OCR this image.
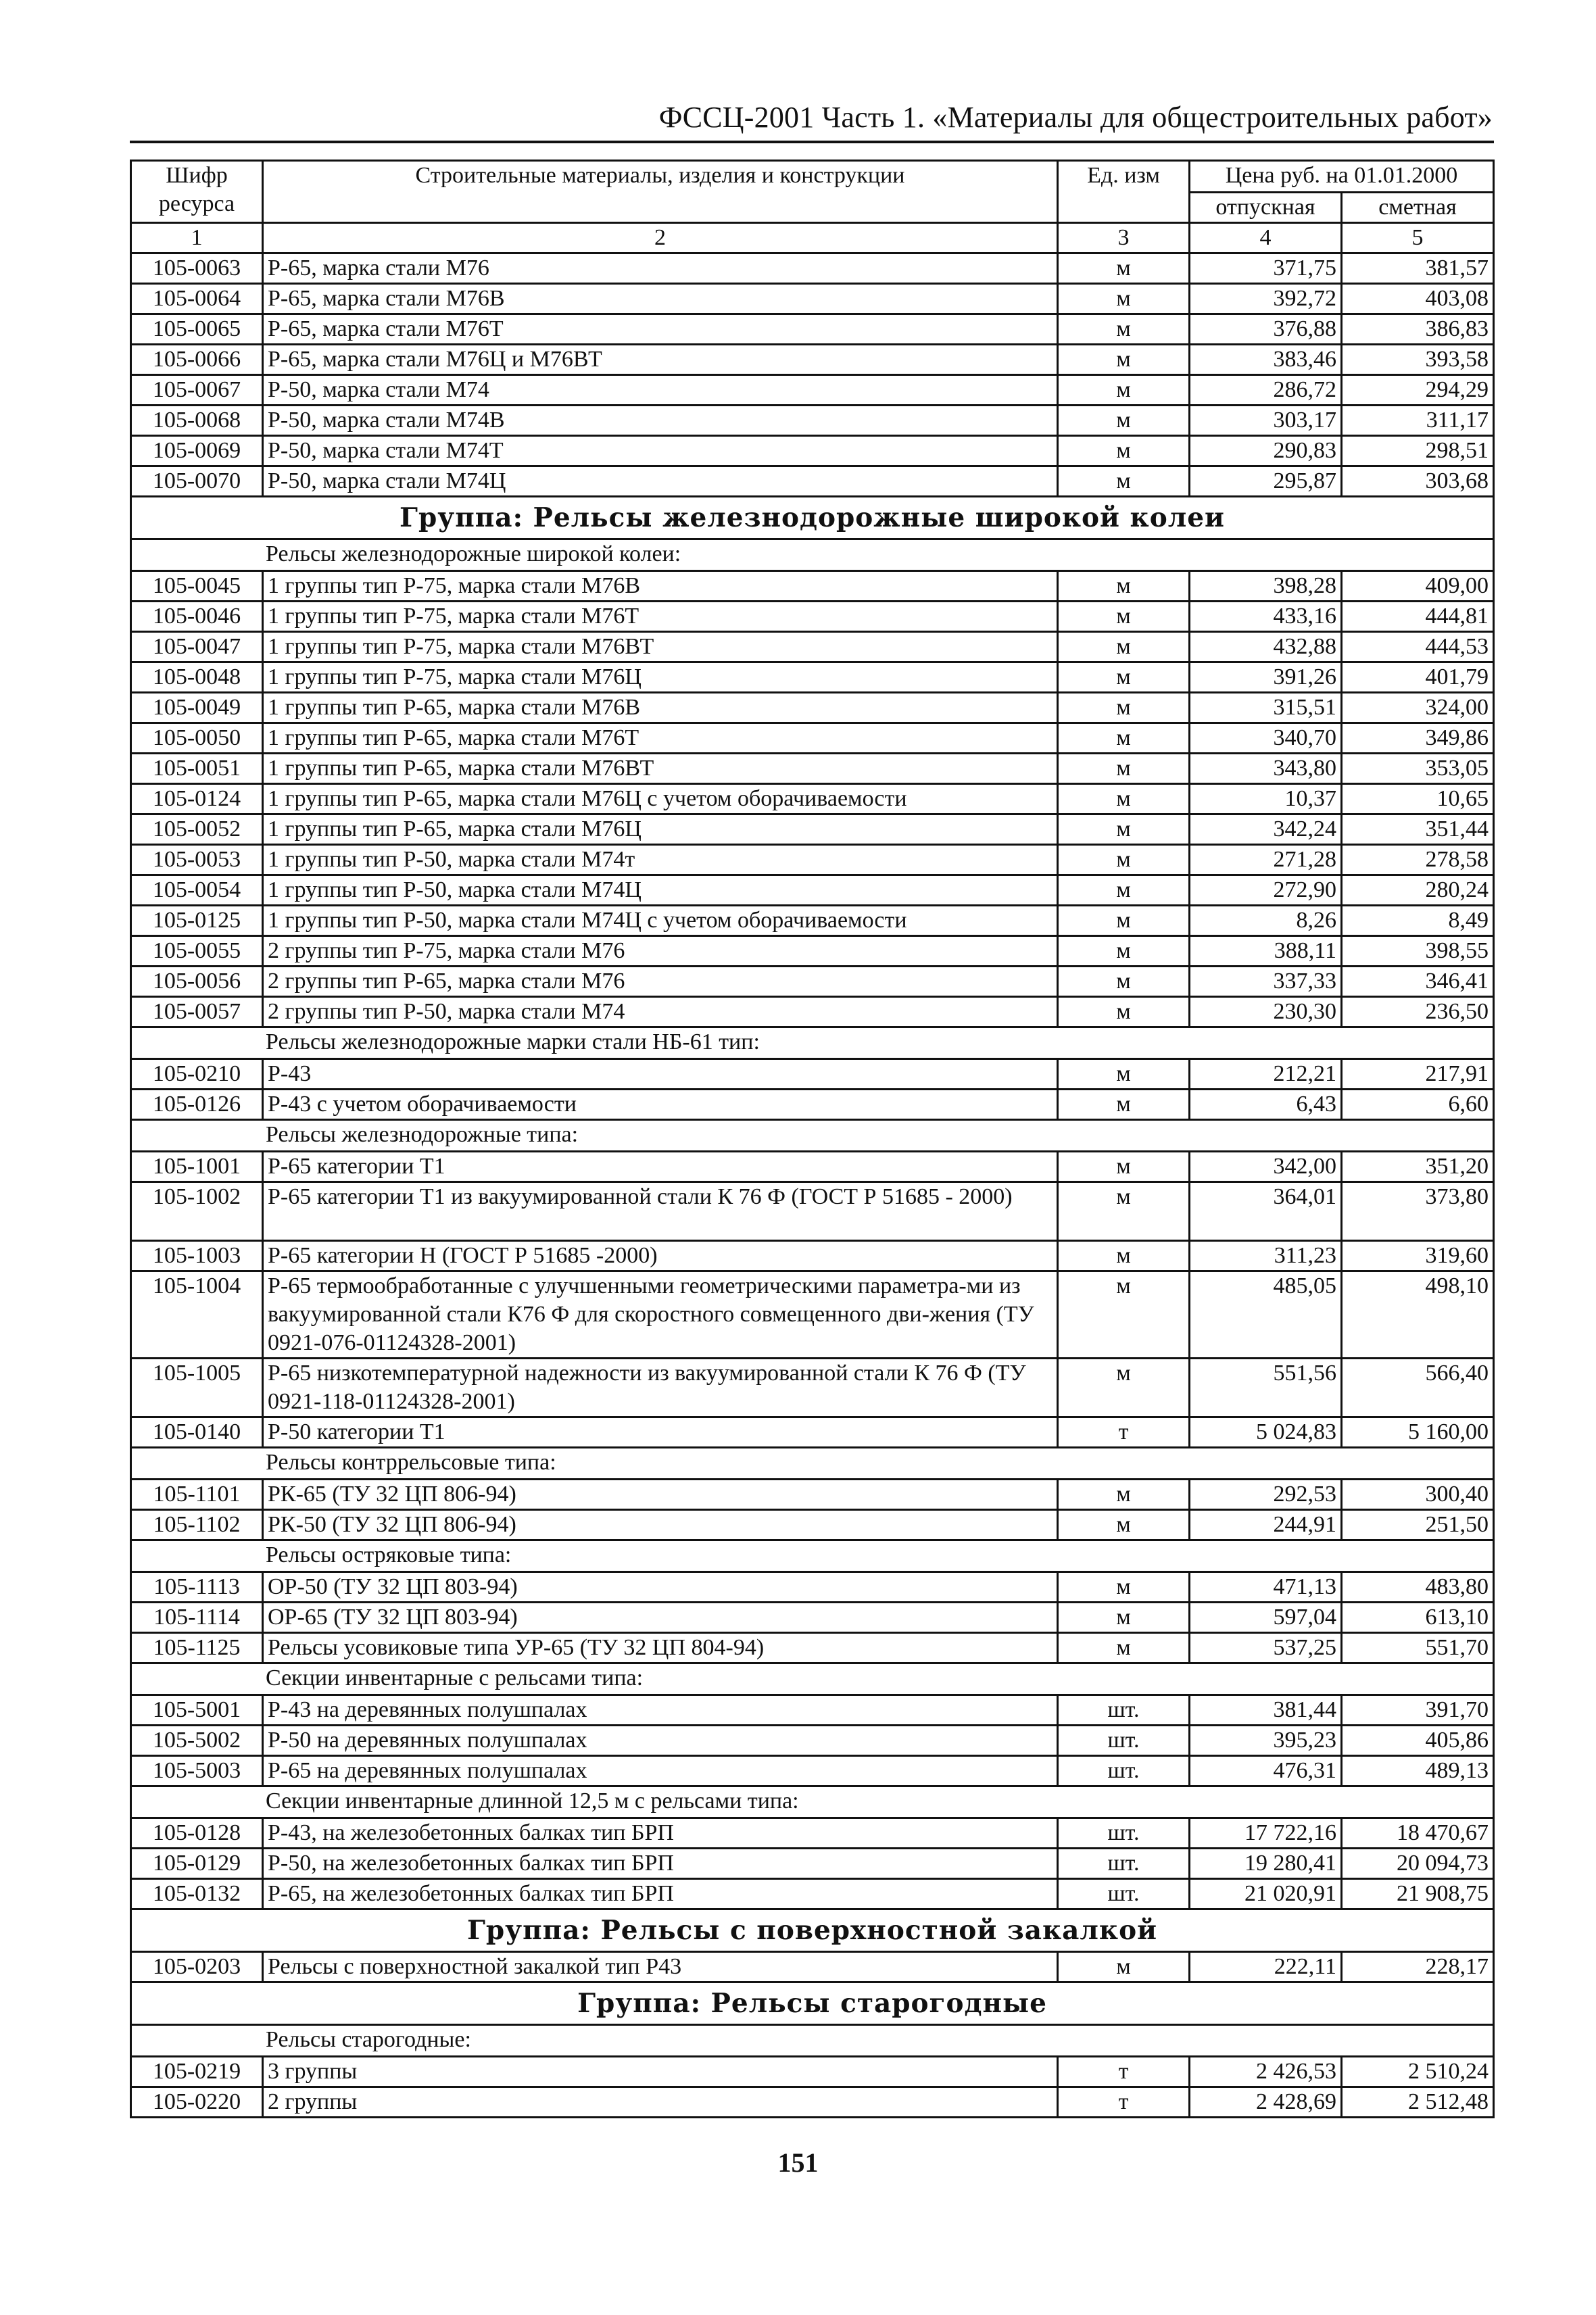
ФССЦ-2001 Часть 1. «Материалы для общестроительных работ»
Шифр ресурса	Строительные материалы, изделия и конструкции	Ед. изм	Цена руб. на 01.01.2000	
			отпускная	сметная
1	2	3	4	5
105-0063	Р-65, марка стали М76	м	371,75	381,57
105-0064	Р-65, марка стали М76В	м	392,72	403,08
105-0065	Р-65, марка стали М76Т	м	376,88	386,83
105-0066	Р-65, марка стали М76Ц и М76ВТ	м	383,46	393,58
105-0067	Р-50, марка стали М74	м	286,72	294,29
105-0068	Р-50, марка стали М74В	м	303,17	311,17
105-0069	Р-50, марка стали М74Т	м	290,83	298,51
105-0070	Р-50, марка стали М74Ц	м	295,87	303,68
Группа: Рельсы железнодорожные широкой колеи				
Рельсы железнодорожные широкой колеи:				
105-0045	1 группы тип Р-75, марка стали М76В	м	398,28	409,00
105-0046	1 группы тип Р-75, марка стали М76Т	м	433,16	444,81
105-0047	1 группы тип Р-75, марка стали М76ВТ	м	432,88	444,53
105-0048	1 группы тип Р-75, марка стали М76Ц	м	391,26	401,79
105-0049	1 группы тип Р-65, марка стали М76В	м	315,51	324,00
105-0050	1 группы тип Р-65, марка стали М76Т	м	340,70	349,86
105-0051	1 группы тип Р-65, марка стали М76ВТ	м	343,80	353,05
105-0124	1 группы тип Р-65, марка стали М76Ц с учетом оборачиваемости	м	10,37	10,65
105-0052	1 группы тип Р-65, марка стали М76Ц	м	342,24	351,44
105-0053	1 группы тип Р-50, марка стали М74т	м	271,28	278,58
105-0054	1 группы тип Р-50, марка стали М74Ц	м	272,90	280,24
105-0125	1 группы тип Р-50, марка стали М74Ц с учетом оборачиваемости	м	8,26	8,49
105-0055	2 группы тип Р-75, марка стали М76	м	388,11	398,55
105-0056	2 группы тип Р-65, марка стали М76	м	337,33	346,41
105-0057	2 группы тип Р-50, марка стали М74	м	230,30	236,50
Рельсы железнодорожные марки стали НБ-61 тип:				
105-0210	Р-43	м	212,21	217,91
105-0126	Р-43 с учетом оборачиваемости	м	6,43	6,60
Рельсы железнодорожные типа:				
105-1001	Р-65 категории Т1	м	342,00	351,20
105-1002	Р-65 категории Т1 из вакуумированной стали К 76 Ф (ГОСТ Р 51685 - 2000)	м	364,01	373,80
105-1003	Р-65 категории Н (ГОСТ Р 51685 -2000)	м	311,23	319,60
105-1004	Р-65 термообработанные с улучшенными геометрическими параметра-ми из вакуумированной стали К76 Ф для скоростного совмещенного дви-жения (ТУ 0921-076-01124328-2001)	м	485,05	498,10
105-1005	Р-65 низкотемпературной надежности из вакуумированной стали К 76 Ф (ТУ 0921-118-01124328-2001)	м	551,56	566,40
105-0140	Р-50 категории Т1	т	5 024,83	5 160,00
Рельсы контррельсовые типа:				
105-1101	РК-65 (ТУ 32 ЦП 806-94)	м	292,53	300,40
105-1102	РК-50 (ТУ 32 ЦП 806-94)	м	244,91	251,50
Рельсы остряковые типа:				
105-1113	ОР-50 (ТУ 32 ЦП 803-94)	м	471,13	483,80
105-1114	ОР-65 (ТУ 32 ЦП 803-94)	м	597,04	613,10
105-1125	Рельсы усовиковые типа УР-65 (ТУ 32 ЦП 804-94)	м	537,25	551,70
Секции инвентарные с рельсами типа:				
105-5001	Р-43 на деревянных полушпалах	шт.	381,44	391,70
105-5002	Р-50 на деревянных полушпалах	шт.	395,23	405,86
105-5003	Р-65 на деревянных полушпалах	шт.	476,31	489,13
Секции инвентарные длинной 12,5 м с рельсами типа:				
105-0128	Р-43, на железобетонных балках тип БРП	шт.	17 722,16	18 470,67
105-0129	Р-50, на железобетонных балках тип БРП	шт.	19 280,41	20 094,73
105-0132	Р-65, на железобетонных балках тип БРП	шт.	21 020,91	21 908,75
Группа: Рельсы с поверхностной закалкой				
105-0203	Рельсы с поверхностной закалкой тип Р43	м	222,11	228,17
Группа: Рельсы старогодные				
Рельсы старогодные:				
105-0219	3 группы	т	2 426,53	2 510,24
105-0220	2 группы	т	2 428,69	2 512,48
151
